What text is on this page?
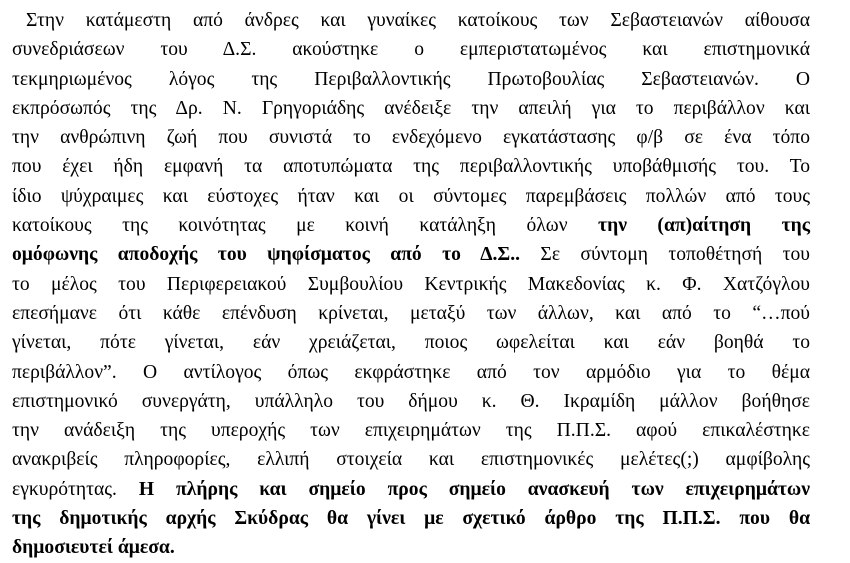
Στην κατάμεστη από άνδρες και γυναίκες κατοίκους των Σεβαστειανών αίθουσα
συνεδριάσεων του Δ.Σ. ακούστηκε ο εμπεριστατωμένος και επιστημονικά
τεκμηριωμένος λόγος της Περιβαλλοντικής Πρωτοβουλίας Σεβαστειανών. Ο
εκπρόσωπός της Δρ. Ν. Γρηγοριάδης ανέδειξε την απειλή για το περιβάλλον και
την ανθρώπινη ζωή που συνιστά το ενδεχόμενο εγκατάστασης φ/β σε ένα τόπο
που έχει ήδη εμφανή τα αποτυπώματα της περιβαλλοντικής υποβάθμισής του. Το
ίδιο ψύχραιμες και εύστοχες ήταν και οι σύντομες παρεμβάσεις πολλών από τους
κατοίκους της κοινότητας με κοινή κατάληξη όλων την (απ)αίτηση της
ομόφωνης αποδοχής του ψηφίσματος από το Δ.Σ.. Σε σύντομη τοποθέτησή του
το μέλος του Περιφερειακού Συμβουλίου Κεντρικής Μακεδονίας κ. Φ. Χατζόγλου
επεσήμανε ότι κάθε επένδυση κρίνεται, μεταξύ των άλλων, και από το “…πού
γίνεται, πότε γίνεται, εάν χρειάζεται, ποιος ωφελείται και εάν βοηθά το
περιβάλλον”. Ο αντίλογος όπως εκφράστηκε από τον αρμόδιο για το θέμα
επιστημονικό συνεργάτη, υπάλληλο του δήμου κ. Θ. Ικραμίδη μάλλον βοήθησε
την ανάδειξη της υπεροχής των επιχειρημάτων της Π.Π.Σ. αφού επικαλέστηκε
ανακριβείς πληροφορίες, ελλιπή στοιχεία και επιστημονικές μελέτες(;) αμφίβολης
εγκυρότητας. Η πλήρης και σημείο προς σημείο ανασκευή των επιχειρημάτων
της δημοτικής αρχής Σκύδρας θα γίνει με σχετικό άρθρο της Π.Π.Σ. που θα
δημοσιευτεί άμεσα.
